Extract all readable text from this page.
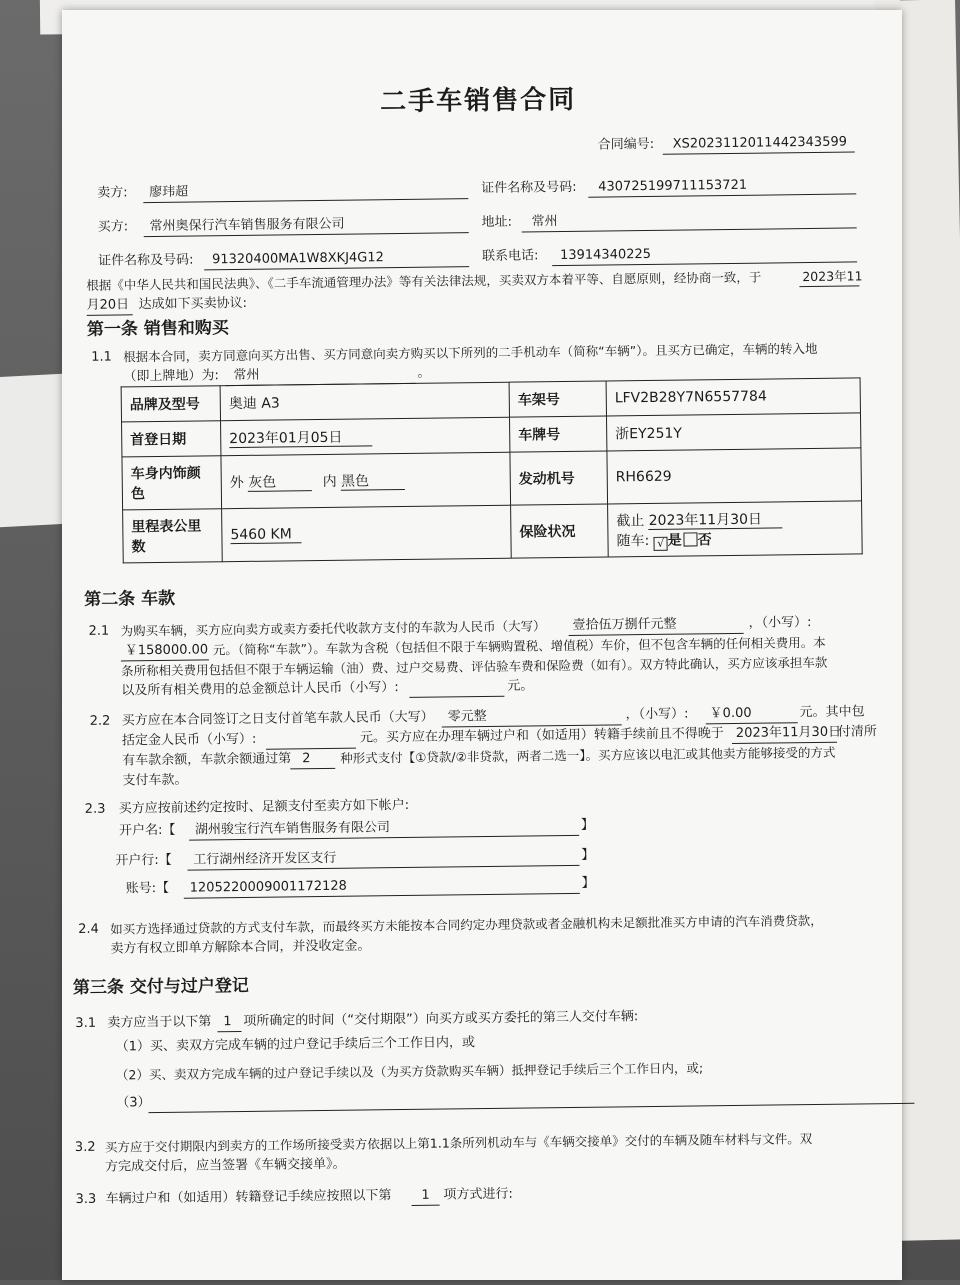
二手车销售合同
合同编号: XS2023112011442343599
卖方: 廖玮超	证件名称及号码: 430725199711153721
买方: 常州奥保行汽车销售服务有限公司	地址: 常州
证件名称及号码: 91320400MA1W8XKJ4G12	联系电话: 13914340225
根据《中华人民共和国民法典》、《二手车流通管理办法》等有关法律法规，买卖双方本着平等、自愿原则，经协商一致，于	2023年11
月20日 达成如下买卖协议:
第一条 销售和购买
1.1 根据本合同，卖方同意向买方出售、买方同意向卖方购买以下所列的二手机动车（简称“车辆”）。且买方已确定，车辆的转入地
（即上牌地）为: 常州	。
品牌及型号	奥迪 A3	车架号	LFV2B28Y7N6557784
首登日期	2023年01月05日	车牌号	浙EY251Y
车身内饰颜色	外 灰色 内 黑色	发动机号	RH6629
里程表公里数	5460 KM	保险状况	截止 2023年11月30日
随车: √ 是 否
第二条 车款
2.1 为购买车辆，买方应向卖方或卖方委托代收款方支付的车款为人民币（大写） 壹拾伍万捌仟元整	，（小写）:
￥158000.00 元。（简称“车款”）。车款为含税（包括但不限于车辆购置税、增值税）车价，但不包含车辆的任何相关费用。本
条所称相关费用包括但不限于车辆运输（油）费、过户交易费、评估验车费和保险费（如有）。双方特此确认，买方应该承担车款
以及所有相关费用的总金额总计人民币（小写）:	元。
2.2 买方应在本合同签订之日支付首笔车款人民币（大写） 零元整	，（小写）: ￥0.00	元。其中包
括定金人民币（小写）:	元。买方应在办理车辆过户和（如适用）转籍手续前且不得晚于 2023年11月30日
付清所
有车款余额，车款余额通过第 2 种形式支付【①贷款/②非贷款，两者二选一】。买方应该以电汇或其他卖方能够接受的方式
支付车款。
2.3 买方应按前述约定按时、足额支付至卖方如下帐户:
开户名:【 湖州骏宝行汽车销售服务有限公司	】
开户行:【 工行湖州经济开发区支行	】
账号:【 1205220009001172128	】
2.4 如买方选择通过贷款的方式支付车款，而最终买方未能按本合同约定办理贷款或者金融机构未足额批准买方申请的汽车消费贷款，
卖方有权立即单方解除本合同，并没收定金。
第三条 交付与过户登记
3.1 卖方应当于以下第 1 项所确定的时间（“交付期限”）向买方或买方委托的第三人交付车辆:
（1）买、卖双方完成车辆的过户登记手续后三个工作日内，或
（2）买、卖双方完成车辆的过户登记手续以及（为买方贷款购买车辆）抵押登记手续后三个工作日内，或;
（3）
3.2 买方应于交付期限内到卖方的工作场所接受卖方依据以上第1.1条所列机动车与《车辆交接单》交付的车辆及随车材料与文件。双
方完成交付后，应当签署《车辆交接单》。
3.3 车辆过户和（如适用）转籍登记手续应按照以下第 1 项方式进行:
